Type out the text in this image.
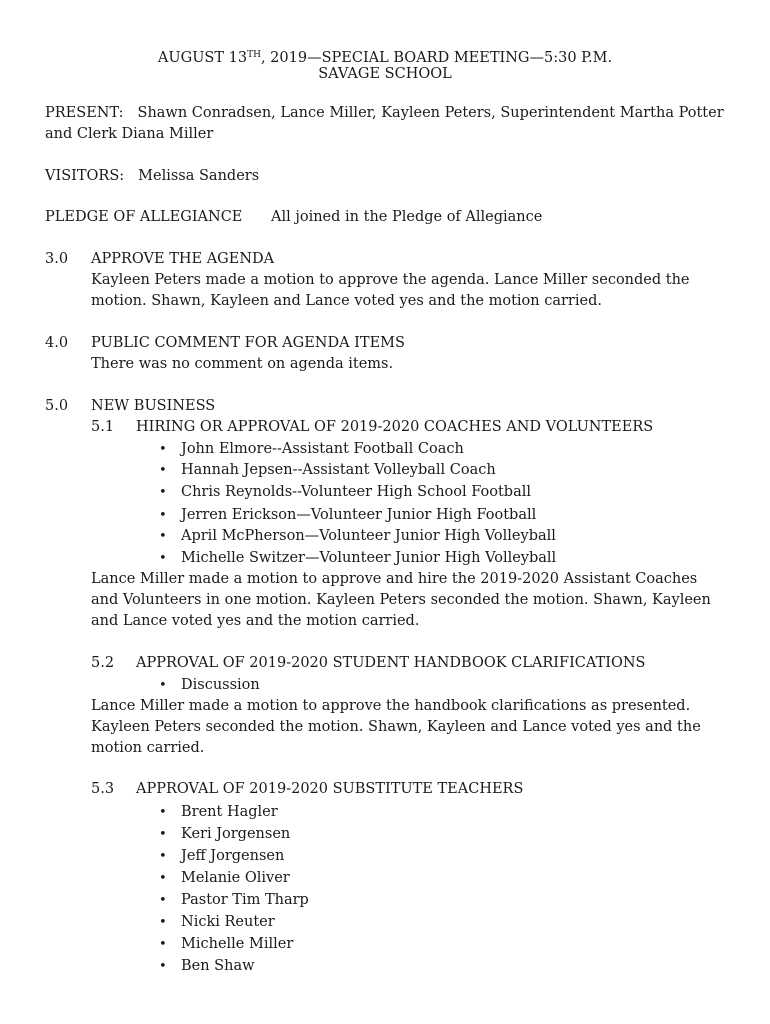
AUGUST 13TH, 2019—SPECIAL BOARD MEETING—5:30 P.M.
SAVAGE SCHOOL
PRESENT: Shawn Conradsen, Lance Miller, Kayleen Peters, Superintendent Martha Potter
and Clerk Diana Miller
VISITORS: Melissa Sanders
PLEDGE OF ALLEGIANCE All joined in the Pledge of Allegiance
3.0 APPROVE THE AGENDA
Kayleen Peters made a motion to approve the agenda. Lance Miller seconded the
motion. Shawn, Kayleen and Lance voted yes and the motion carried.
4.0 PUBLIC COMMENT FOR AGENDA ITEMS
There was no comment on agenda items.
5.0 NEW BUSINESS
5.1 HIRING OR APPROVAL OF 2019-2020 COACHES AND VOLUNTEERS
• John Elmore--Assistant Football Coach
• Hannah Jepsen--Assistant Volleyball Coach
• Chris Reynolds--Volunteer High School Football
• Jerren Erickson—Volunteer Junior High Football
• April McPherson—Volunteer Junior High Volleyball
• Michelle Switzer—Volunteer Junior High Volleyball
Lance Miller made a motion to approve and hire the 2019-2020 Assistant Coaches
and Volunteers in one motion. Kayleen Peters seconded the motion. Shawn, Kayleen
and Lance voted yes and the motion carried.
5.2 APPROVAL OF 2019-2020 STUDENT HANDBOOK CLARIFICATIONS
• Discussion
Lance Miller made a motion to approve the handbook clarifications as presented.
Kayleen Peters seconded the motion. Shawn, Kayleen and Lance voted yes and the
motion carried.
5.3 APPROVAL OF 2019-2020 SUBSTITUTE TEACHERS
• Brent Hagler
• Keri Jorgensen
• Jeff Jorgensen
• Melanie Oliver
• Pastor Tim Tharp
• Nicki Reuter
• Michelle Miller
• Ben Shaw
